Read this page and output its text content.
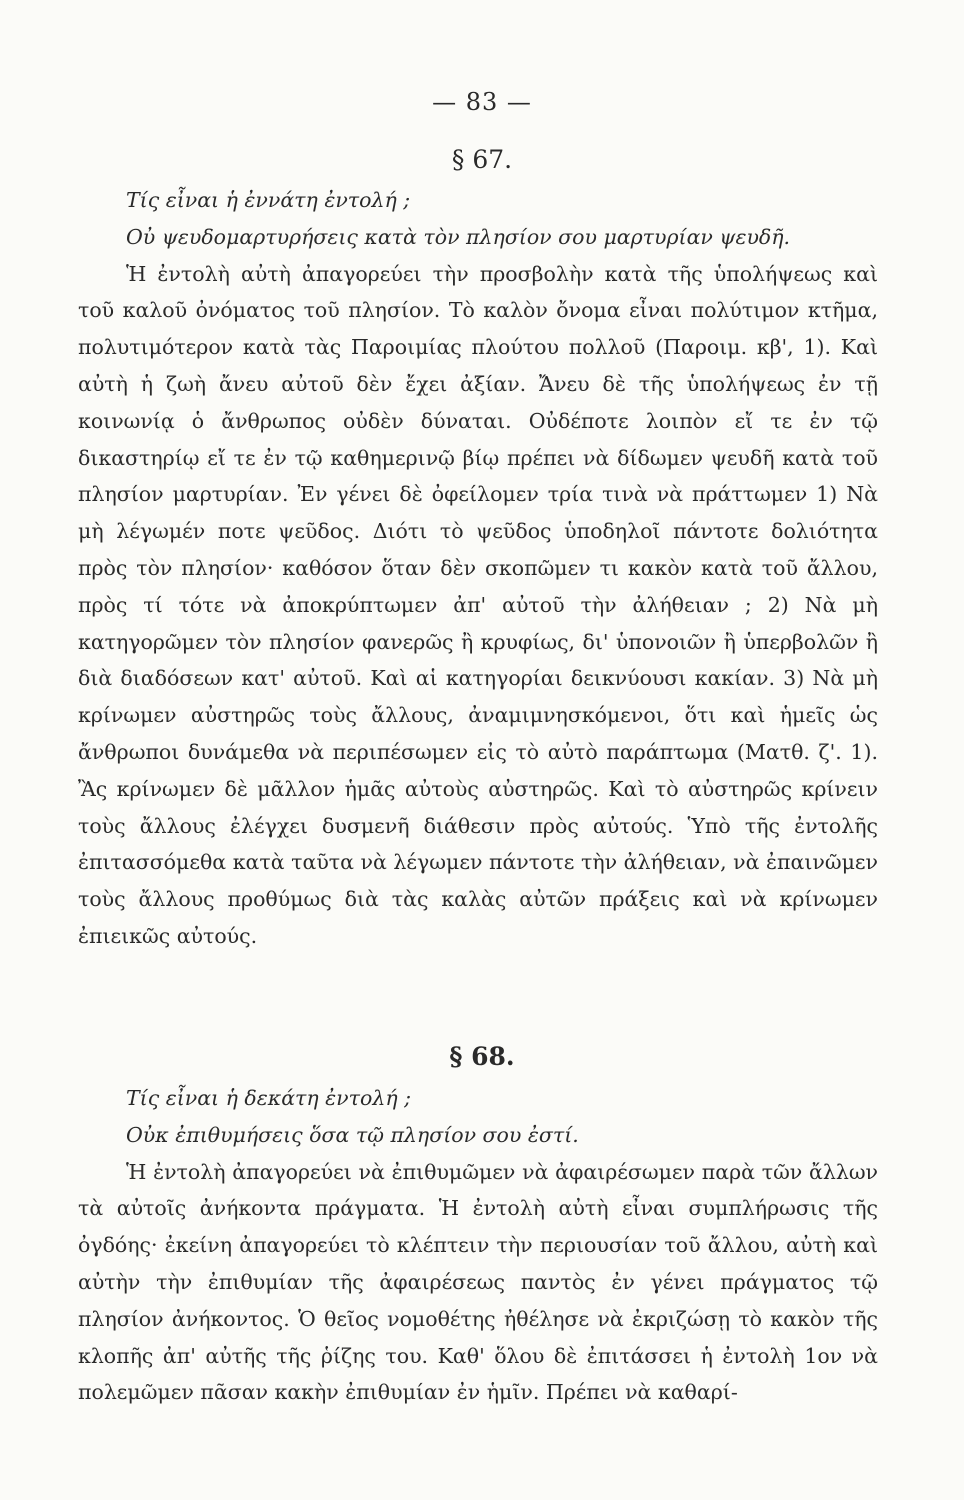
— 83 —
§ 67.

Τίς εἶναι ἡ ἐννάτη ἐντολή ;

Οὐ ψευδομαρτυρήσεις κατὰ τὸν πλησίον σου μαρτυρίαν ψευδῆ.

Ἡ ἐντολὴ αὐτὴ ἀπαγορεύει τὴν προσβολὴν κατὰ τῆς ὑπολήψεως καὶ τοῦ καλοῦ ὀνόματος τοῦ πλησίον. Τὸ καλὸν ὄνομα εἶναι πολύτιμον κτῆμα, πολυτιμότερον κατὰ τὰς Παροιμίας πλούτου πολλοῦ (Παροιμ. κβ', 1). Καὶ αὐτὴ ἡ ζωὴ ἄνευ αὐτοῦ δὲν ἔχει ἀξίαν. Ἄνευ δὲ τῆς ὑπολήψεως ἐν τῇ κοινωνίᾳ ὁ ἄνθρωπος οὐδὲν δύναται. Οὐδέποτε λοιπὸν εἴ τε ἐν τῷ δικαστηρίῳ εἴ τε ἐν τῷ καθημερινῷ βίῳ πρέπει νὰ δίδωμεν ψευδῆ κατὰ τοῦ πλησίον μαρτυρίαν. Ἐν γένει δὲ ὀφείλομεν τρία τινὰ νὰ πράττωμεν 1) Νὰ μὴ λέγωμέν ποτε ψεῦδος. Διότι τὸ ψεῦδος ὑποδηλοῖ πάντοτε δολιότητα πρὸς τὸν πλησίον· καθόσον ὅταν δὲν σκοπῶμεν τι κακὸν κατὰ τοῦ ἄλλου, πρὸς τί τότε νὰ ἀποκρύπτωμεν ἀπ' αὐτοῦ τὴν ἀλήθειαν ; 2) Νὰ μὴ κατηγορῶμεν τὸν πλησίον φανερῶς ἢ κρυφίως, δι' ὑπονοιῶν ἢ ὑπερβολῶν ἢ διὰ διαδόσεων κατ' αὐτοῦ. Καὶ αἱ κατηγορίαι δεικνύουσι κακίαν. 3) Νὰ μὴ κρίνωμεν αὐστηρῶς τοὺς ἄλλους, ἀναμιμνησκόμενοι, ὅτι καὶ ἡμεῖς ὡς ἄνθρωποι δυνάμεθα νὰ περιπέσωμεν εἰς τὸ αὐτὸ παράπτωμα (Ματθ. ζ'. 1). Ἂς κρίνωμεν δὲ μᾶλλον ἡμᾶς αὐτοὺς αὐστηρῶς. Καὶ τὸ αὐστηρῶς κρίνειν τοὺς ἄλλους ἐλέγχει δυσμενῆ διάθεσιν πρὸς αὐτούς. Ὑπὸ τῆς ἐντολῆς ἐπιτασσόμεθα κατὰ ταῦτα νὰ λέγωμεν πάντοτε τὴν ἀλήθειαν, νὰ ἐπαινῶμεν τοὺς ἄλλους προθύμως διὰ τὰς καλὰς αὐτῶν πράξεις καὶ νὰ κρίνωμεν ἐπιεικῶς αὐτούς.

§ 68.

Τίς εἶναι ἡ δεκάτη ἐντολή ;

Οὐκ ἐπιθυμήσεις ὅσα τῷ πλησίον σου ἐστί.

Ἡ ἐντολὴ ἀπαγορεύει νὰ ἐπιθυμῶμεν νὰ ἀφαιρέσωμεν παρὰ τῶν ἄλλων τὰ αὐτοῖς ἀνήκοντα πράγματα. Ἡ ἐντολὴ αὐτὴ εἶναι συμπλήρωσις τῆς ὀγδόης· ἐκείνη ἀπαγορεύει τὸ κλέπτειν τὴν περιουσίαν τοῦ ἄλλου, αὐτὴ καὶ αὐτὴν τὴν ἐπιθυμίαν τῆς ἀφαιρέσεως παντὸς ἐν γένει πράγματος τῷ πλησίον ἀνήκοντος. Ὁ θεῖος νομοθέτης ἠθέλησε νὰ ἐκριζώσῃ τὸ κακὸν τῆς κλοπῆς ἀπ' αὐτῆς τῆς ῥίζης του. Καθ' ὅλου δὲ ἐπιτάσσει ἡ ἐντολὴ 1ον νὰ πολεμῶμεν πᾶσαν κακὴν ἐπιθυμίαν ἐν ἡμῖν. Πρέπει νὰ καθαρί-
